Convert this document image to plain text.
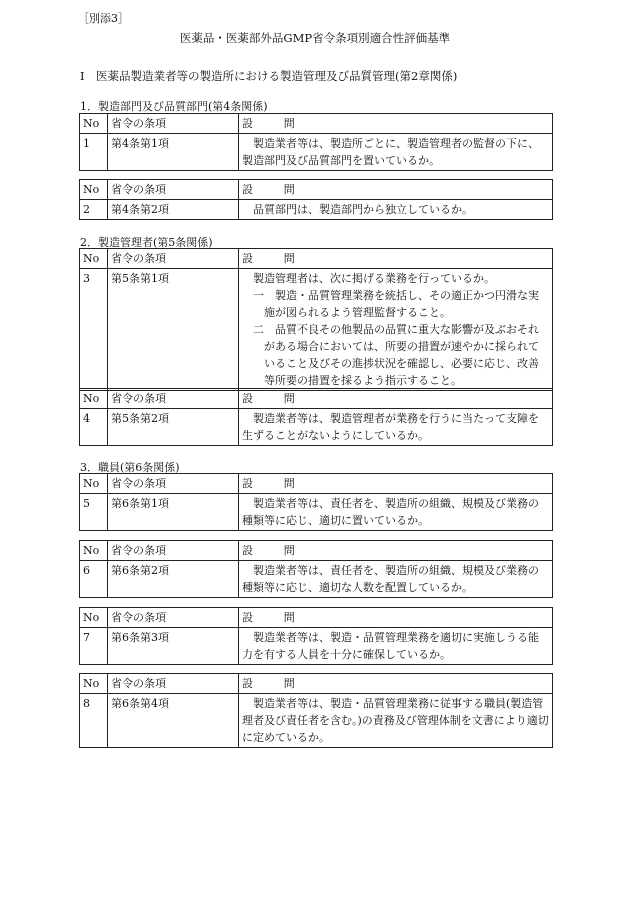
［別添3］
医薬品・医薬部外品GMP省令条項別適合性評価基準
Ⅰ　医薬品製造業者等の製造所における製造管理及び品質管理(第2章関係)
1．製造部門及び品質部門(第4条関係)
No	省令の条項	設　問
1	第4条第1項	製造業者等は、製造所ごとに、製造管理者の監督の下に、製造部門及び品質部門を置いているか。
No	省令の条項	設　問
2	第4条第2項	品質部門は、製造部門から独立しているか。
2．製造管理者(第5条関係)
No	省令の条項	設　問
3	第5条第1項	製造管理者は、次に掲げる業務を行っているか。
一　製造・品質管理業務を統括し、その適正かつ円滑な実施が図られるよう管理監督すること。
二　品質不良その他製品の品質に重大な影響が及ぶおそれがある場合においては、所要の措置が速やかに採られていること及びその進捗状況を確認し、必要に応じ、改善等所要の措置を採るよう指示すること。
No	省令の条項	設　問
4	第5条第2項	製造業者等は、製造管理者が業務を行うに当たって支障を生ずることがないようにしているか。
3．職員(第6条関係)
No	省令の条項	設　問
5	第6条第1項	製造業者等は、責任者を、製造所の組織、規模及び業務の種類等に応じ、適切に置いているか。
No	省令の条項	設　問
6	第6条第2項	製造業者等は、責任者を、製造所の組織、規模及び業務の種類等に応じ、適切な人数を配置しているか。
No	省令の条項	設　問
7	第6条第3項	製造業者等は、製造・品質管理業務を適切に実施しうる能力を有する人員を十分に確保しているか。
No	省令の条項	設　問
8	第6条第4項	製造業者等は、製造・品質管理業務に従事する職員(製造管理者及び責任者を含む。)の責務及び管理体制を文書により適切に定めているか。
